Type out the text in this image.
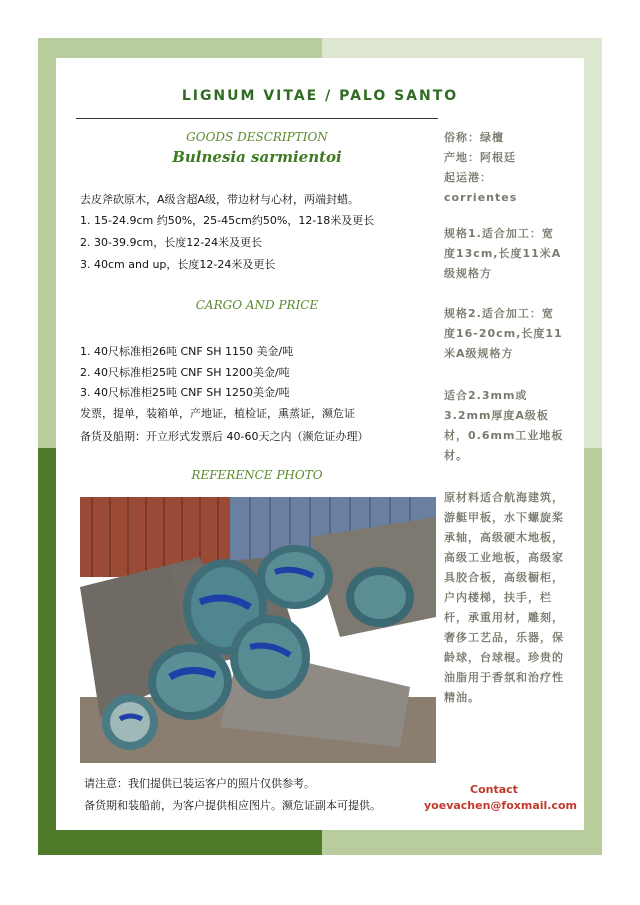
LIGNUM VITAE / PALO SANTO
GOODS DESCRIPTION
Bulnesia sarmientoi
去皮斧砍原木，A级含超A级，带边材与心材，两端封蜡。
1. 15-24.9cm 约50%，25-45cm约50%，12-18米及更长
2. 30-39.9cm，长度12-24米及更长
3. 40cm and up，长度12-24米及更长
CARGO AND PRICE
1. 40尺标准柜26吨 CNF SH 1150 美金/吨
2. 40尺标准柜25吨 CNF SH 1200美金/吨
3. 40尺标准柜25吨 CNF SH 1250美金/吨
发票，提单，装箱单，产地证，植检证，熏蒸证，濒危证
备货及船期：开立形式发票后 40-60天之内（濒危证办理）
REFERENCE PHOTO
俗称：绿檀
产地：阿根廷
起运港：
corrientes
规格1.适合加工：宽度13cm,长度11米A级规格方
规格2.适合加工：宽度16-20cm,长度11米A级规格方
适合2.3mm或3.2mm厚度A级板材，0.6mm工业地板材。
原材料适合航海建筑，游艇甲板，水下螺旋桨承轴，高级硬木地板，高级工业地板，高级家具胶合板，高级橱柜，户内楼梯，扶手，栏杆，承重用材，雕刻，奢侈工艺品，乐器，保龄球，台球棍。珍贵的油脂用于香氛和治疗性精油。
请注意：我们提供已装运客户的照片仅供参考。
备货期和装船前，为客户提供相应图片。濒危证副本可提供。
Contact
yoevachen@foxmail.com
